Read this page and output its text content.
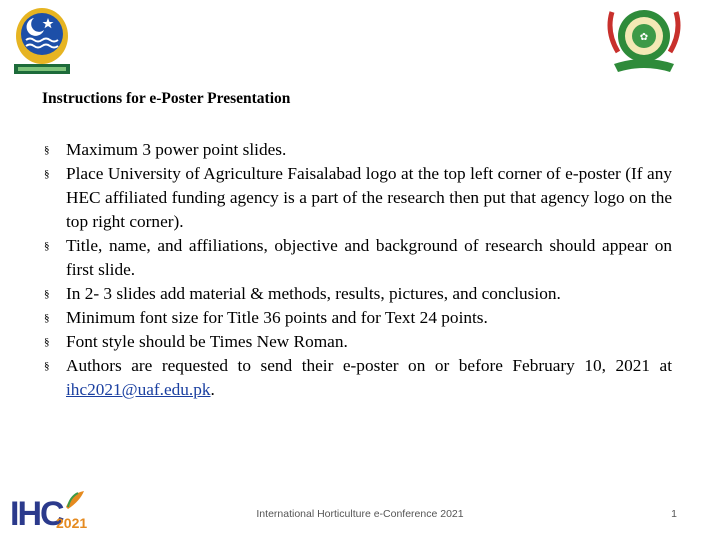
✿
Instructions for e-Poster Presentation
§ Maximum 3 power point slides.
§ Place University of Agriculture Faisalabad logo at the top left corner of e-poster (If any HEC affiliated funding agency is a part of the research then put that agency logo on the top right corner).
§ Title, name, and affiliations, objective and background of research should appear on first slide.
§ In 2- 3 slides add material & methods, results, pictures, and conclusion.
§ Minimum font size for Title 36 points and for Text 24 points.
§ Font style should be Times New Roman.
§ Authors are requested to send their e-poster on or before February 10, 2021 at ihc2021@uaf.edu.pk.
IHC
2021
International Horticulture e-Conference 2021	1
